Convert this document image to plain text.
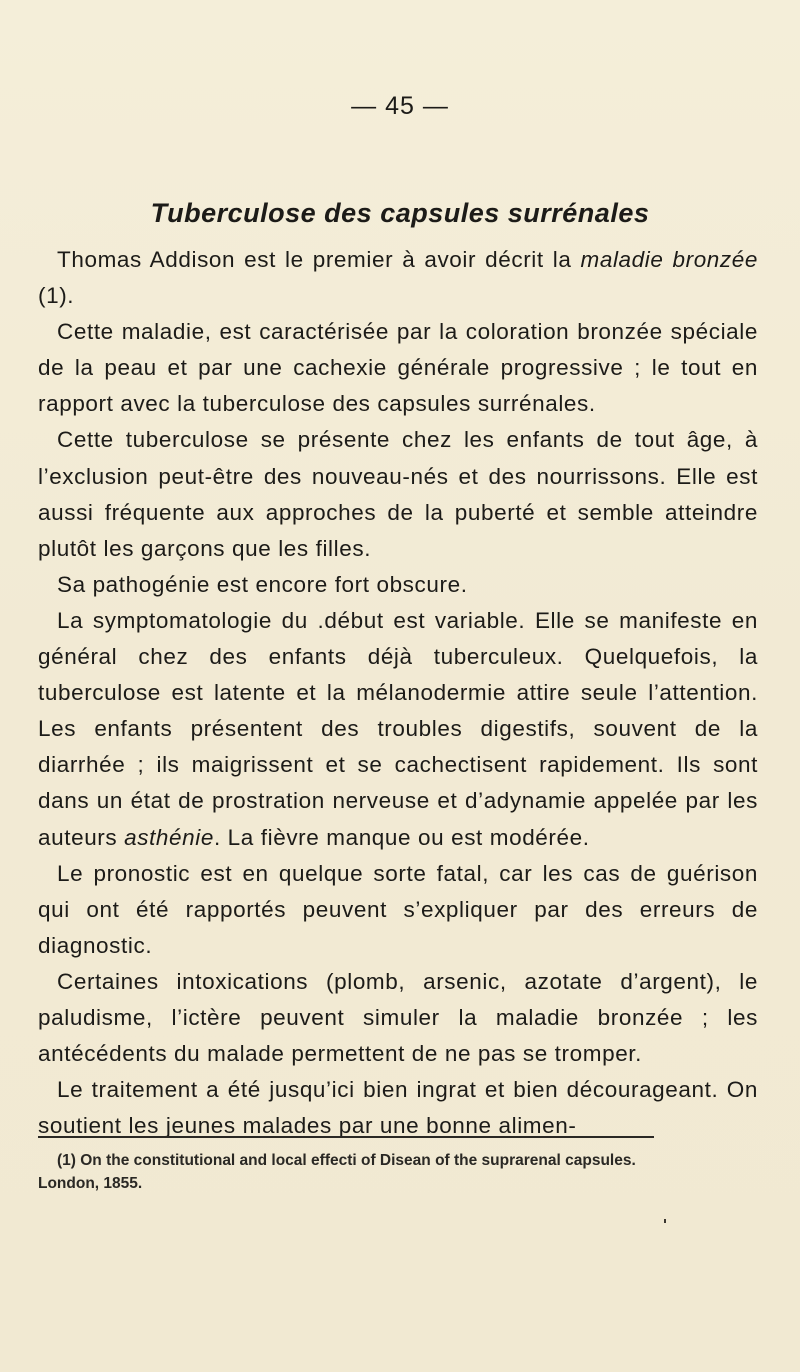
— 45 —
Tuberculose des capsules surrénales

Thomas Addison est le premier à avoir décrit la maladie bronzée (1).

Cette maladie, est caractérisée par la coloration bronzée spéciale de la peau et par une cachexie générale progressive ; le tout en rapport avec la tuberculose des capsules surrénales.

Cette tuberculose se présente chez les enfants de tout âge, à l’exclusion peut-être des nouveau-nés et des nourrissons. Elle est aussi fréquente aux approches de la puberté et semble atteindre plutôt les garçons que les filles.

Sa pathogénie est encore fort obscure.

La symptomatologie du .début est variable. Elle se manifeste en général chez des enfants déjà tuberculeux. Quelquefois, la tuberculose est latente et la mélanodermie attire seule l’attention. Les enfants présentent des troubles digestifs, souvent de la diarrhée ; ils maigrissent et se cachectisent rapidement. Ils sont dans un état de prostration nerveuse et d’adynamie appelée par les auteurs asthénie. La fièvre manque ou est modérée.

Le pronostic est en quelque sorte fatal, car les cas de guérison qui ont été rapportés peuvent s’expliquer par des erreurs de diagnostic.

Certaines intoxications (plomb, arsenic, azotate d’argent), le paludisme, l’ictère peuvent simuler la maladie bronzée ; les antécédents du malade permettent de ne pas se tromper.

Le traitement a été jusqu’ici bien ingrat et bien décourageant. On soutient les jeunes malades par une bonne alimen-

(1) On the constitutional and local effecti of Disean of the suprarenal capsules.

London, 1855.
